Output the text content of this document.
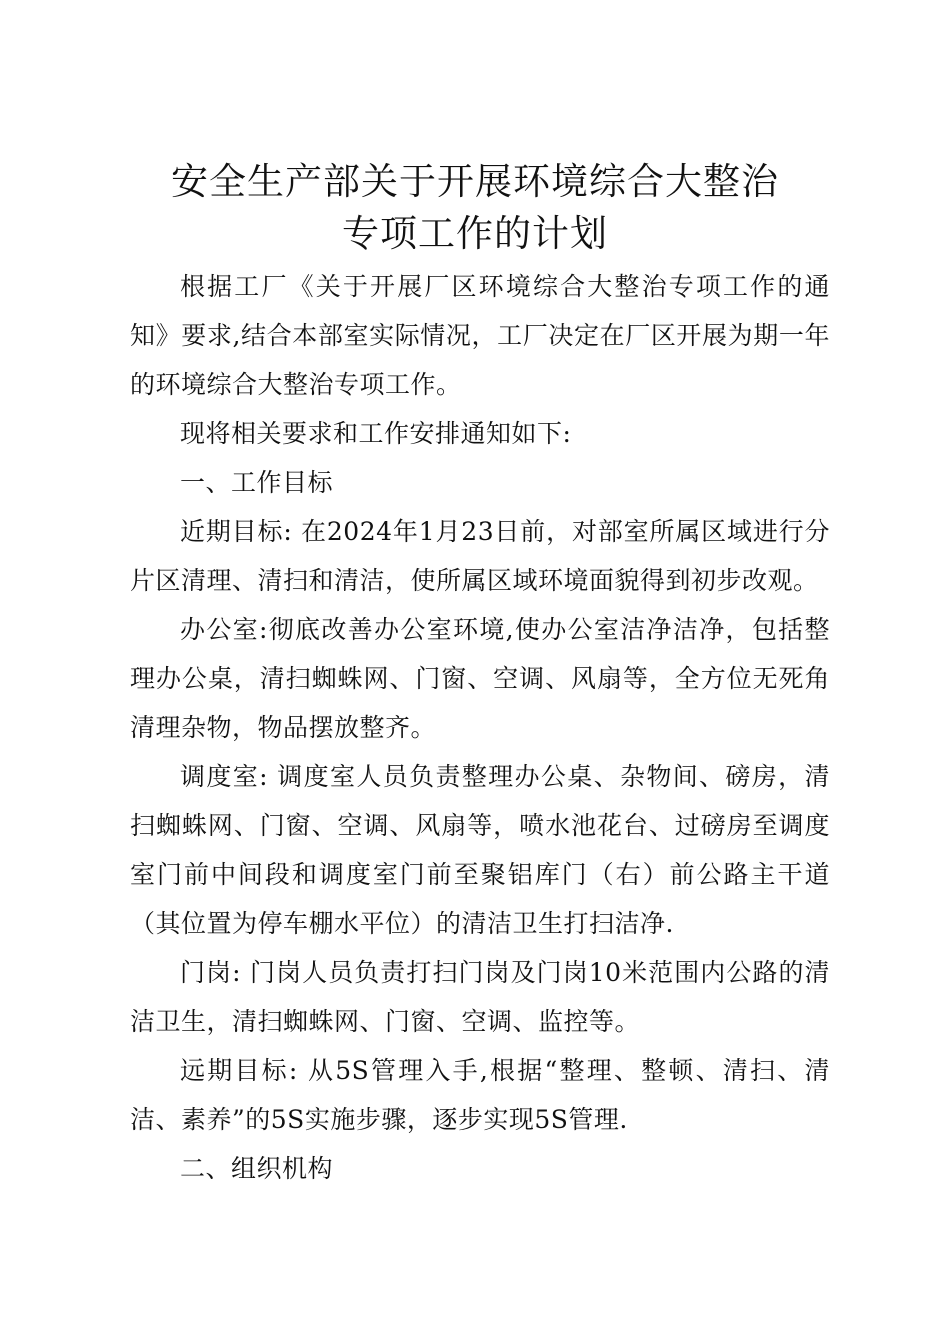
安全生产部关于开展环境综合大整治
专项工作的计划

根据工厂《关于开展厂区环境综合大整治专项工作的通知》要求,结合本部室实际情况，工厂决定在厂区开展为期一年的环境综合大整治专项工作。

现将相关要求和工作安排通知如下:

一、工作目标

近期目标: 在2024年1月23日前，对部室所属区域进行分片区清理、清扫和清洁，使所属区域环境面貌得到初步改观。

办公室:彻底改善办公室环境,使办公室洁净洁净，包括整理办公桌，清扫蜘蛛网、门窗、空调、风扇等，全方位无死角清理杂物，物品摆放整齐。

调度室: 调度室人员负责整理办公桌、杂物间、磅房，清扫蜘蛛网、门窗、空调、风扇等，喷水池花台、过磅房至调度室门前中间段和调度室门前至聚铝库门（右）前公路主干道（其位置为停车棚水平位）的清洁卫生打扫洁净.

门岗: 门岗人员负责打扫门岗及门岗10米范围内公路的清洁卫生，清扫蜘蛛网、门窗、空调、监控等。

远期目标: 从5S管理入手,根据“整理、整顿、清扫、清洁、素养”的5S实施步骤，逐步实现5S管理.

二、组织机构
